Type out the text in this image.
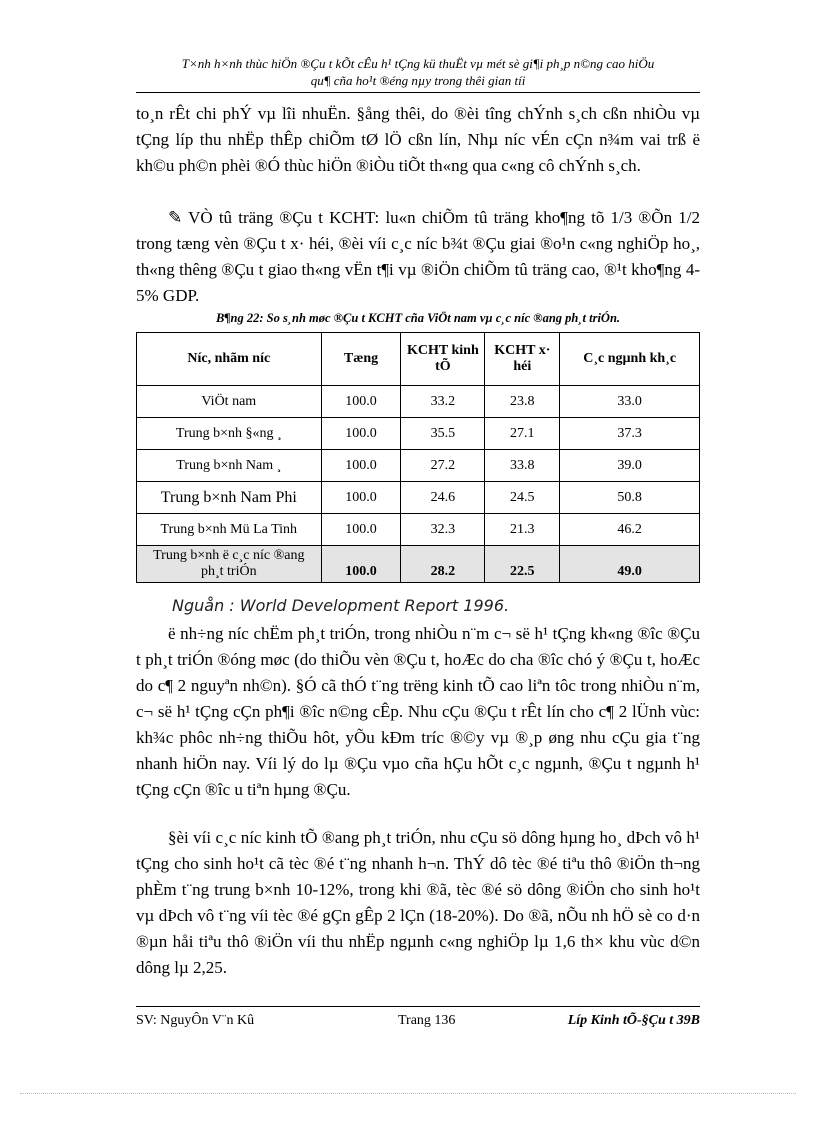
T×nh h×nh thùc hiÖn ®Çu t kÕt cÊu h¹ tÇng kü thuËt vµ mét sè gi¶i ph¸p n©ng cao hiÖu
qu¶ cña ho¹t ®éng nµy trong thêi gian tíi

to¸n rÊt chi phÝ vµ lîi nhuËn. §ång thêi, do ®èi tîng chÝnh s¸ch cßn nhiÒu vµ tÇng líp thu nhËp thÊp chiÕm tØ lÖ cßn lín, Nhµ níc vÉn cÇn n¾m vai trß ë kh©u ph©n phèi ®Ó thùc hiÖn ®iÒu tiÕt th«ng qua c«ng cô chÝnh s¸ch.

✎ VÒ tû träng ®Çu t KCHT: lu«n chiÕm tû träng kho¶ng tõ 1/3 ®Õn 1/2 trong tæng vèn ®Çu t x· héi, ®èi víi c¸c níc b¾t ®Çu giai ®o¹n c«ng nghiÖp ho¸, th«ng thêng ®Çu t giao th«ng vËn t¶i vµ ®iÖn chiÕm tû träng cao, ®¹t kho¶ng 4-5% GDP.

B¶ng 22: So s¸nh møc ®Çu t KCHT cña ViÖt nam vµ c¸c níc ®ang ph¸t triÓn.
Níc, nhãm níc	Tæng	KCHT kinh tÕ	KCHT x· héi	C¸c ngµnh kh¸c
ViÖt nam	100.0	33.2	23.8	33.0
Trung b×nh §«ng ¸	100.0	35.5	27.1	37.3
Trung b×nh Nam ¸	100.0	27.2	33.8	39.0
Trung b×nh Nam Phi	100.0	24.6	24.5	50.8
Trung b×nh Mü La Tinh	100.0	32.3	21.3	46.2
Trung b×nh ë c¸c níc ®ang ph¸t triÓn	100.0	28.2	22.5	49.0
Nguån : World Development Report 1996.

ë nh÷ng níc chËm ph¸t triÓn, trong nhiÒu n¨m c¬ së h¹ tÇng kh«ng ®îc ®Çu t ph¸t triÓn ®óng møc (do thiÕu vèn ®Çu t, hoÆc do cha ®îc chó ý ®Çu t, hoÆc do c¶ 2 nguyªn nh©n). §Ó cã thÓ t¨ng trëng kinh tÕ cao liªn tôc trong nhiÒu n¨m, c¬ së h¹ tÇng cÇn ph¶i ®îc n©ng cÊp. Nhu cÇu ®Çu t rÊt lín cho c¶ 2 lÜnh vùc: kh¾c phôc nh÷ng thiÕu hôt, yÕu kÐm tríc ®©y vµ ®¸p øng nhu cÇu gia t¨ng nhanh hiÖn nay. Víi lý do lµ ®Çu vµo cña hÇu hÕt c¸c ngµnh, ®Çu t ngµnh h¹ tÇng cÇn ®îc u tiªn hµng ®Çu.

§èi víi c¸c níc kinh tÕ ®ang ph¸t triÓn, nhu cÇu sö dông hµng ho¸ dÞch vô h¹ tÇng cho sinh ho¹t cã tèc ®é t¨ng nhanh h¬n. ThÝ dô tèc ®é tiªu thô ®iÖn th¬ng phÈm t¨ng trung b×nh 10-12%, trong khi ®ã, tèc ®é sö dông ®iÖn cho sinh ho¹t vµ dÞch vô t¨ng víi tèc ®é gÇn gÊp 2 lÇn (18-20%). Do ®ã, nÕu nh hÖ sè co d·n ®µn håi tiªu thô ®iÖn víi thu nhËp ngµnh c«ng nghiÖp lµ 1,6 th× khu vùc d©n dông lµ 2,25.

SV: NguyÔn V¨n Kû	Trang 136	Líp Kinh tÕ-§Çu t 39B
